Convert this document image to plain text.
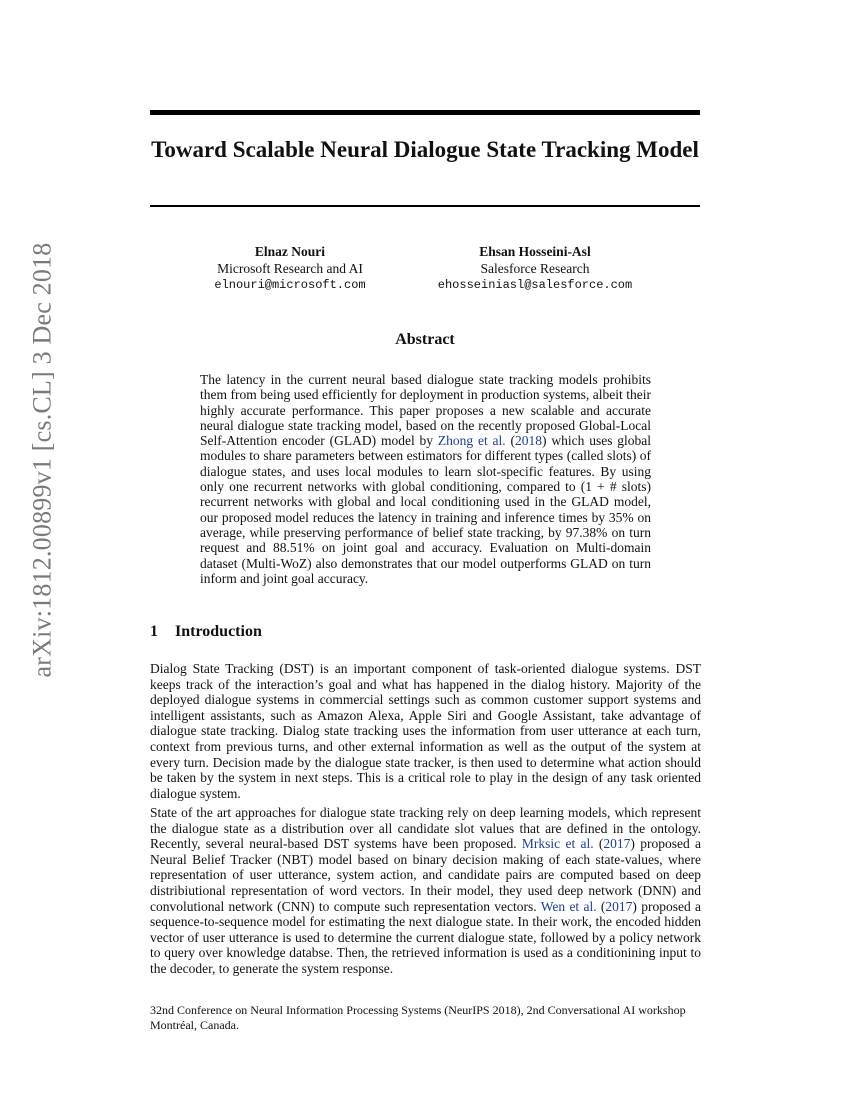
arXiv:1812.00899v1 [cs.CL] 3 Dec 2018
Toward Scalable Neural Dialogue State Tracking Model
Elnaz Nouri
Microsoft Research and AI
elnouri@microsoft.com
Ehsan Hosseini-Asl
Salesforce Research
ehosseiniasl@salesforce.com
Abstract

The latency in the current neural based dialogue state tracking models prohibits them from being used efficiently for deployment in production systems, albeit their highly accurate performance. This paper proposes a new scalable and accurate neural dialogue state tracking model, based on the recently proposed Global-Local Self-Attention encoder (GLAD) model by Zhong et al. (2018) which uses global modules to share parameters between estimators for different types (called slots) of dialogue states, and uses local modules to learn slot-specific features. By using only one recurrent networks with global conditioning, compared to (1 + # slots) recurrent networks with global and local conditioning used in the GLAD model, our proposed model reduces the latency in training and inference times by 35% on average, while preserving performance of belief state tracking, by 97.38% on turn request and 88.51% on joint goal and accuracy. Evaluation on Multi-domain dataset (Multi-WoZ) also demonstrates that our model outperforms GLAD on turn inform and joint goal accuracy.

1 Introduction

Dialog State Tracking (DST) is an important component of task-oriented dialogue systems. DST keeps track of the interaction’s goal and what has happened in the dialog history. Majority of the deployed dialogue systems in commercial settings such as common customer support systems and intelligent assistants, such as Amazon Alexa, Apple Siri and Google Assistant, take advantage of dialogue state tracking. Dialog state tracking uses the information from user utterance at each turn, context from previous turns, and other external information as well as the output of the system at every turn. Decision made by the dialogue state tracker, is then used to determine what action should be taken by the system in next steps. This is a critical role to play in the design of any task oriented dialogue system.

State of the art approaches for dialogue state tracking rely on deep learning models, which represent the dialogue state as a distribution over all candidate slot values that are defined in the ontology. Recently, several neural-based DST systems have been proposed. Mrksic et al. (2017) proposed a Neural Belief Tracker (NBT) model based on binary decision making of each state-values, where representation of user utterance, system action, and candidate pairs are computed based on deep distribiutional representation of word vectors. In their model, they used deep network (DNN) and convolutional network (CNN) to compute such representation vectors. Wen et al. (2017) proposed a sequence-to-sequence model for estimating the next dialogue state. In their work, the encoded hidden vector of user utterance is used to determine the current dialogue state, followed by a policy network to query over knowledge databse. Then, the retrieved information is used as a conditionining input to the decoder, to generate the system response.

32nd Conference on Neural Information Processing Systems (NeurIPS 2018), 2nd Conversational AI workshop
Montréal, Canada.
